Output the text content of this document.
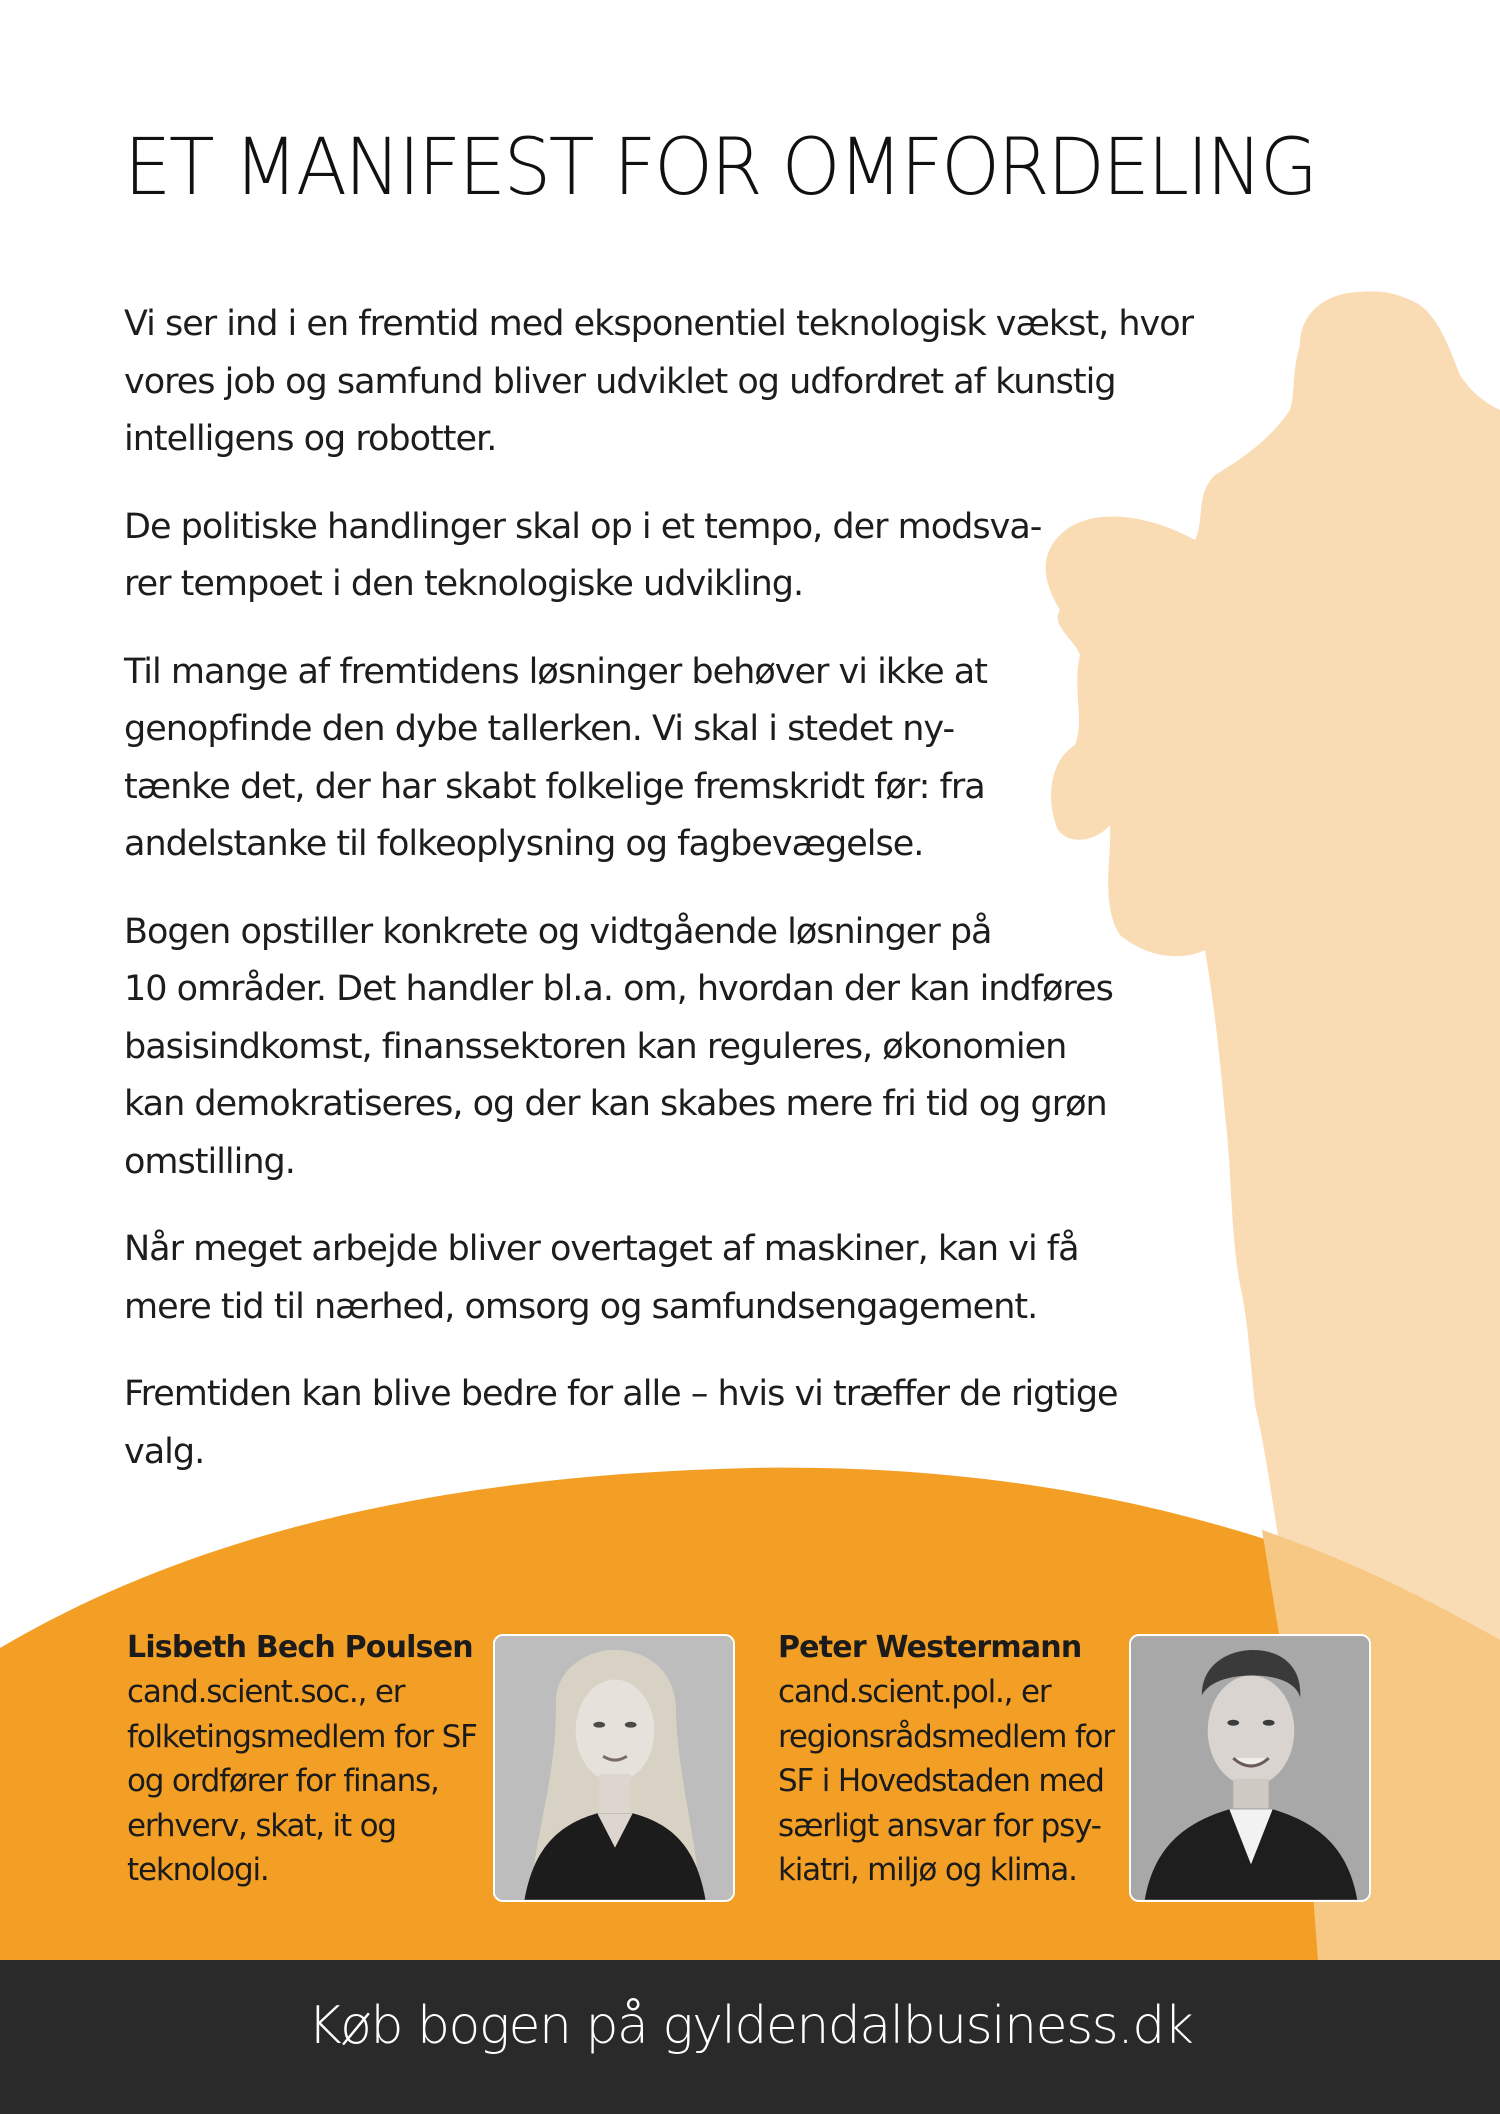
ET MANIFEST FOR OMFORDELING

Vi ser ind i en fremtid med eksponentiel teknologisk vækst, hvor
vores job og samfund bliver udviklet og udfordret af kunstig
intelligens og robotter.

De politiske handlinger skal op i et tempo, der modsva-
rer tempoet i den teknologiske udvikling.

Til mange af fremtidens løsninger behøver vi ikke at
genopfinde den dybe tallerken. Vi skal i stedet ny-
tænke det, der har skabt folkelige fremskridt før: fra
andelstanke til folkeoplysning og fagbevægelse.

Bogen opstiller konkrete og vidtgående løsninger på
10 områder. Det handler bl.a. om, hvordan der kan indføres
basisindkomst, finanssektoren kan reguleres, økonomien
kan demokratiseres, og der kan skabes mere fri tid og grøn
omstilling.

Når meget arbejde bliver overtaget af maskiner, kan vi få
mere tid til nærhed, omsorg og samfundsengagement.

Fremtiden kan blive bedre for alle – hvis vi træffer de rigtige
valg.

Lisbeth Bech Poulsen
cand.scient.soc., er
folketingsmedlem for SF
og ordfører for finans,
erhverv, skat, it og
teknologi.
Peter Westermann
cand.scient.pol., er
regionsrådsmedlem for
SF i Hovedstaden med
særligt ansvar for psy-
kiatri, miljø og klima.
Køb bogen på gyldendalbusiness.dk
